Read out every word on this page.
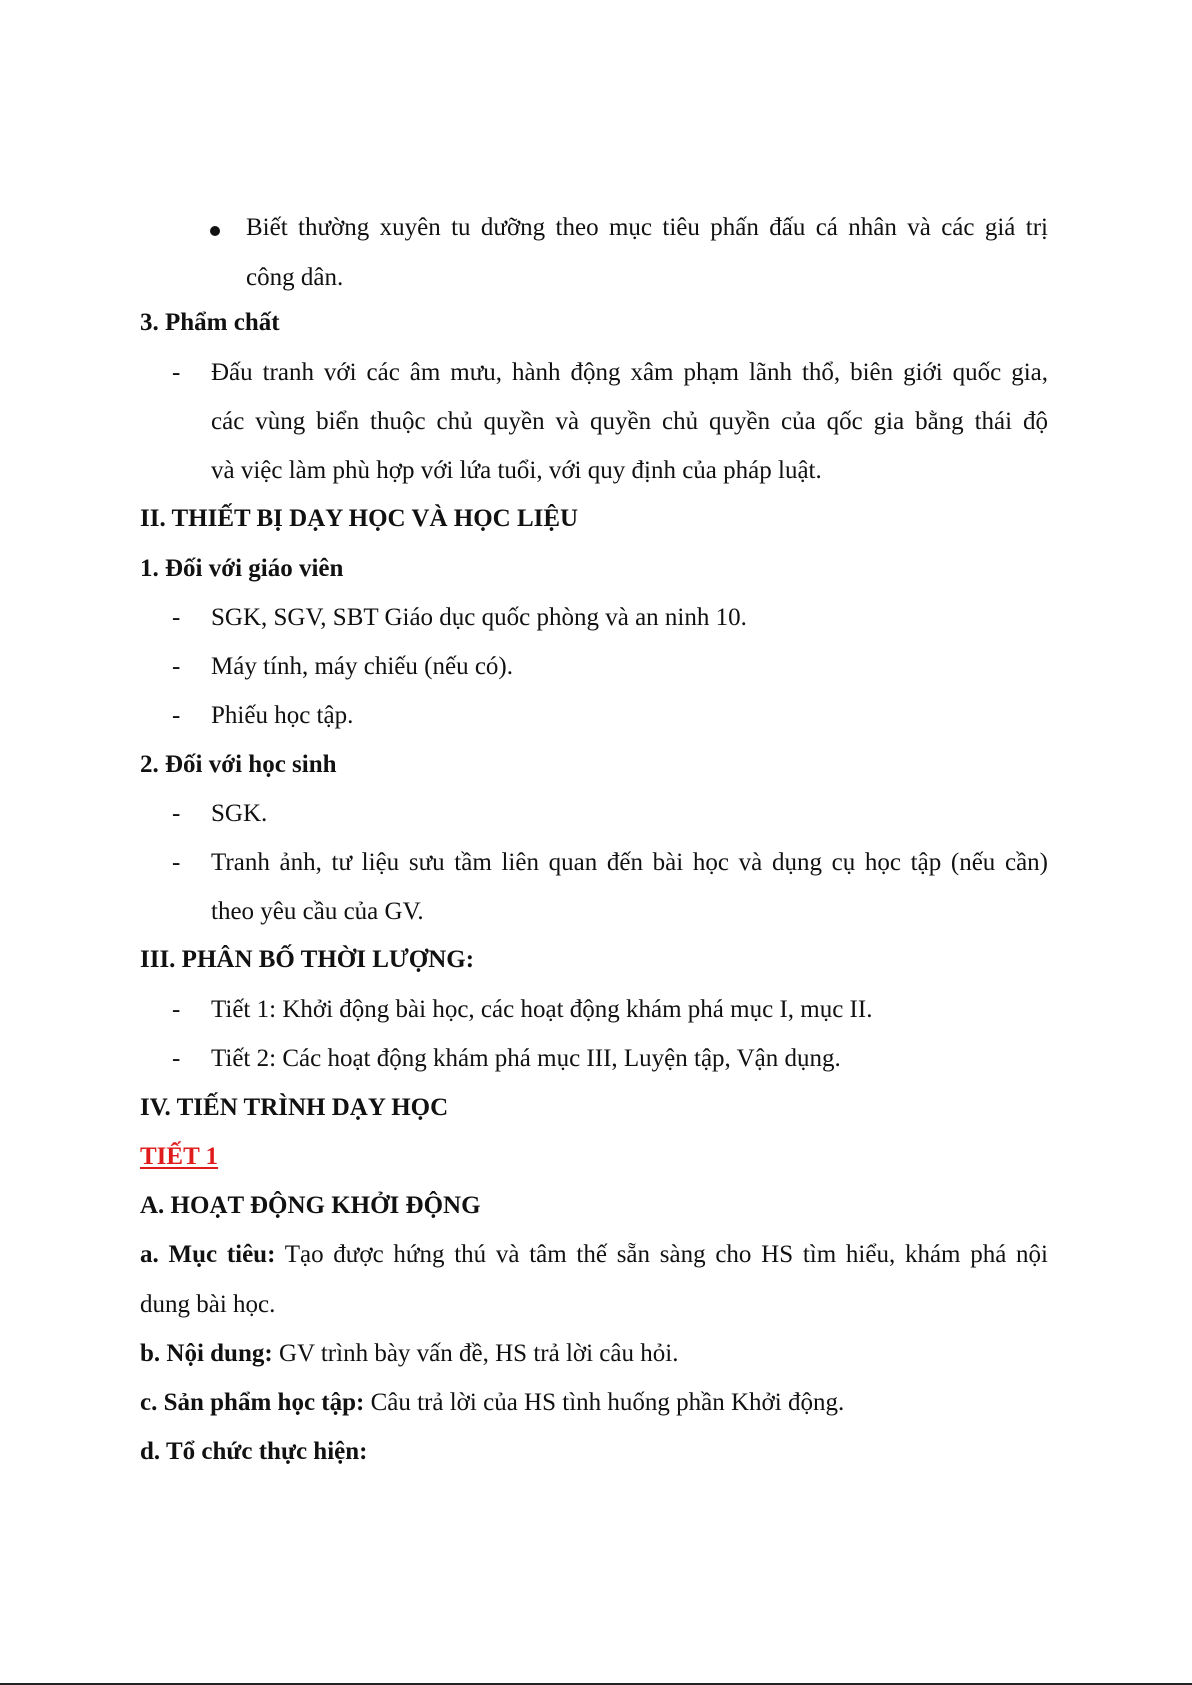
Biết thường xuyên tu dưỡng theo mục tiêu phấn đấu cá nhân và các giá trị
công dân.
3. Phẩm chất
- Đấu tranh với các âm mưu, hành động xâm phạm lãnh thổ, biên giới quốc gia,
các vùng biển thuộc chủ quyền và quyền chủ quyền của qốc gia bằng thái độ
và việc làm phù hợp với lứa tuổi, với quy định của pháp luật.
II. THIẾT BỊ DẠY HỌC VÀ HỌC LIỆU
1. Đối với giáo viên
- SGK, SGV, SBT Giáo dục quốc phòng và an ninh 10.
- Máy tính, máy chiếu (nếu có).
- Phiếu học tập.
2. Đối với học sinh
- SGK.
- Tranh ảnh, tư liệu sưu tầm liên quan đến bài học và dụng cụ học tập (nếu cần)
theo yêu cầu của GV.
III. PHÂN BỐ THỜI LƯỢNG:
- Tiết 1: Khởi động bài học, các hoạt động khám phá mục I, mục II.
- Tiết 2: Các hoạt động khám phá mục III, Luyện tập, Vận dụng.
IV. TIẾN TRÌNH DẠY HỌC
TIẾT 1
A. HOẠT ĐỘNG KHỞI ĐỘNG
a. Mục tiêu: Tạo được hứng thú và tâm thế sẵn sàng cho HS tìm hiểu, khám phá nội
dung bài học.
b. Nội dung: GV trình bày vấn đề, HS trả lời câu hỏi.
c. Sản phẩm học tập: Câu trả lời của HS tình huống phần Khởi động.
d. Tổ chức thực hiện:
